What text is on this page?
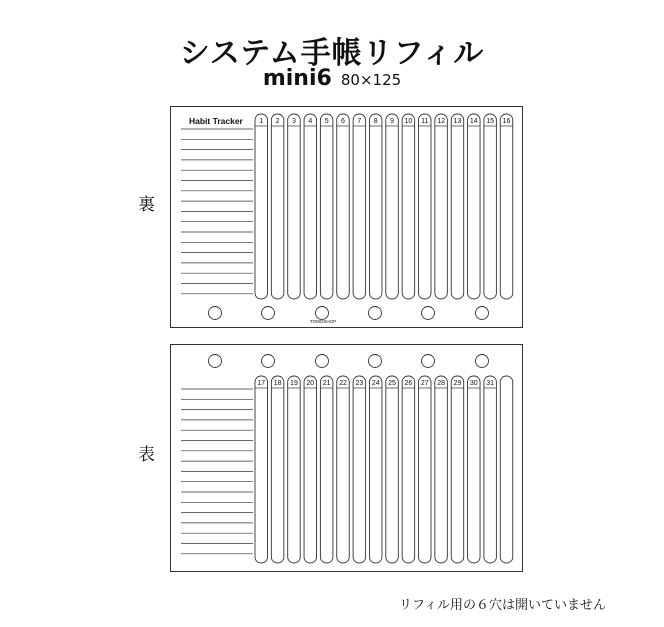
システム手帳リフィル
mini6 80×125
裏
Habit Tracker 1 2 3 4 5 6 7 8 9 10 11 12 13 14 15 16
TOMOSHOP
表
17 18 19 20 21 22 23 24 25 26 27 28 29 30 31
リフィル用の６穴は開いていません
